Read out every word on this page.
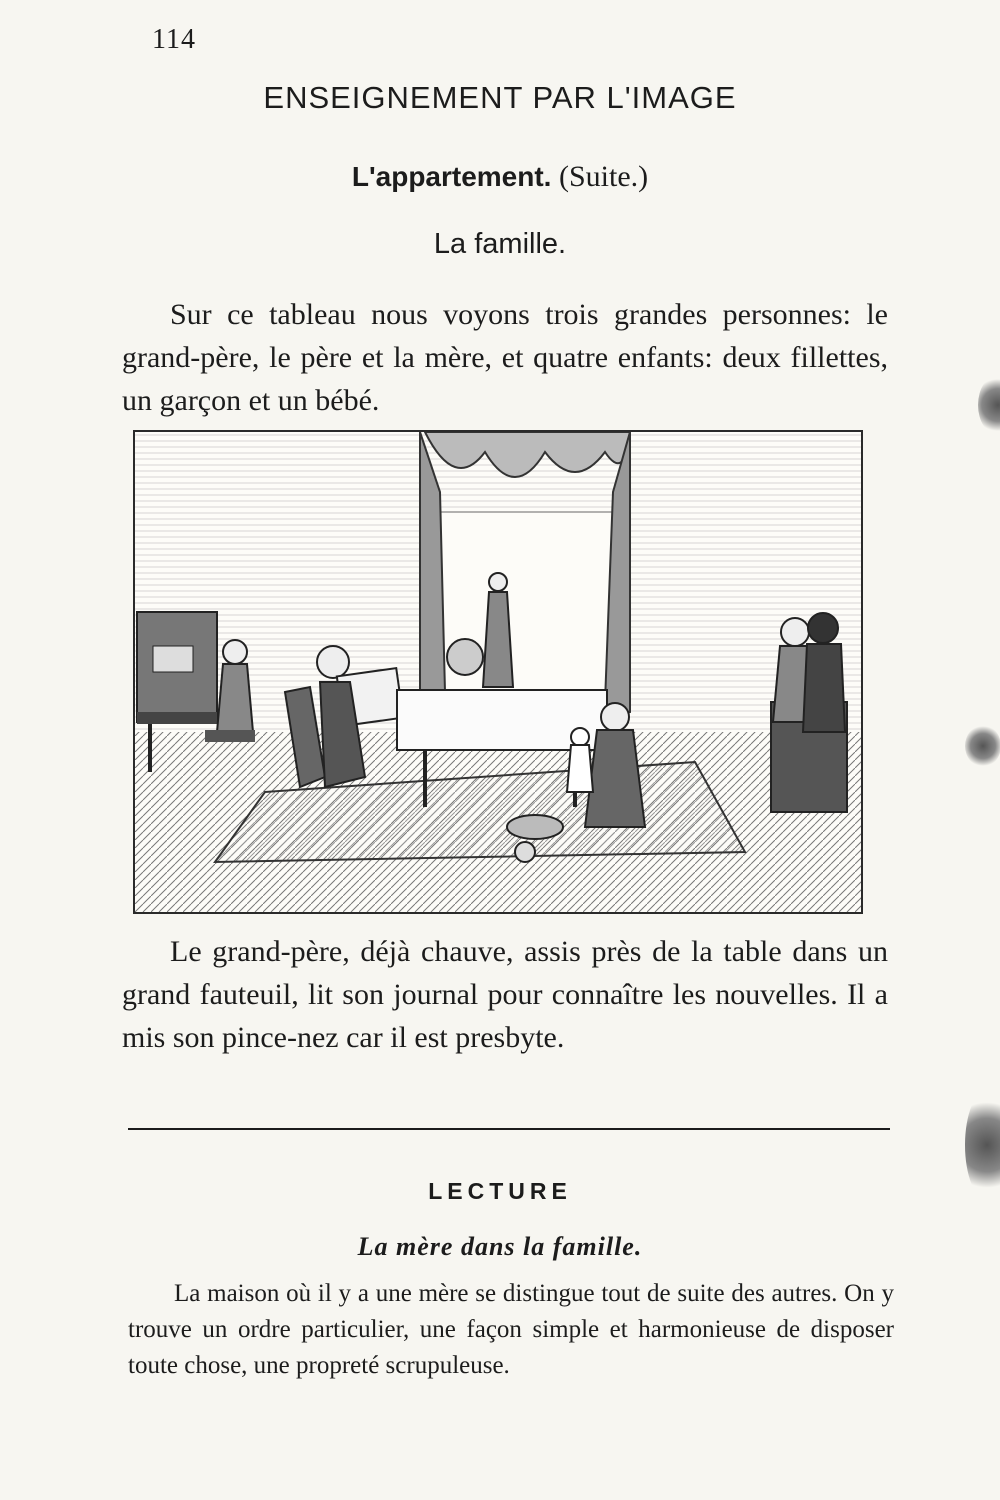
114
ENSEIGNEMENT PAR L'IMAGE
L'appartement. (Suite.)
La famille.

Sur ce tableau nous voyons trois grandes personnes: le grand-père, le père et la mère, et quatre enfants: deux fillettes, un garçon et un bébé.

Le grand-père, déjà chauve, assis près de la table dans un grand fauteuil, lit son journal pour connaître les nouvelles. Il a mis son pince-nez car il est presbyte.

LECTURE
La mère dans la famille.

La maison où il y a une mère se distingue tout de suite des autres. On y trouve un ordre particulier, une façon simple et harmonieuse de disposer toute chose, une propreté scrupuleuse.
